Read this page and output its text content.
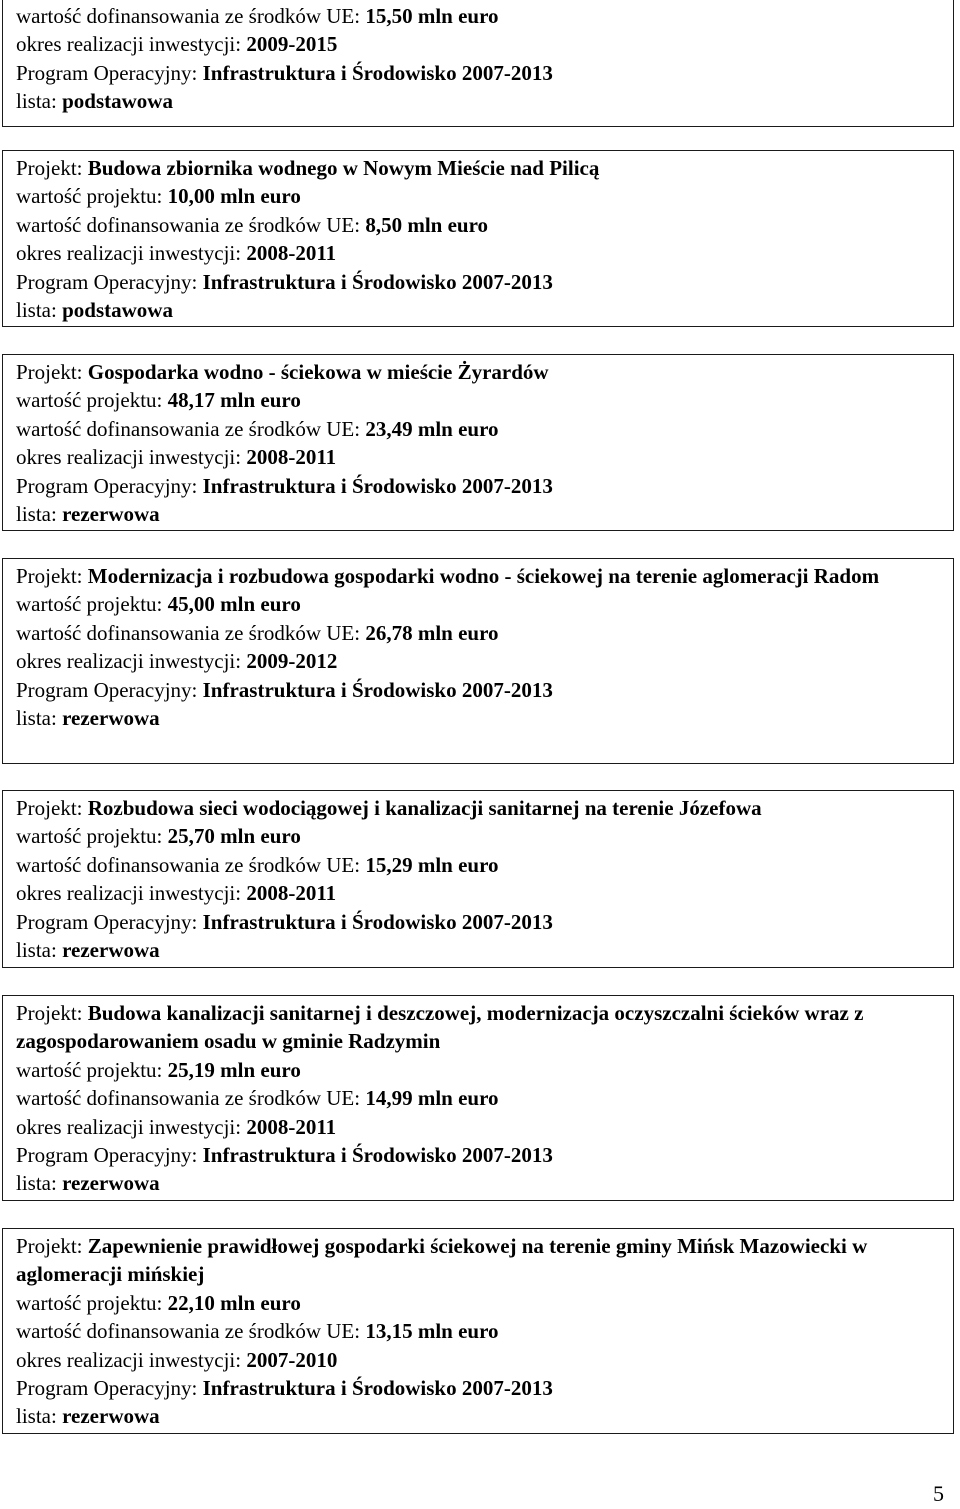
wartość dofinansowania ze środków UE: 15,50 mln euro
okres realizacji inwestycji: 2009-2015
Program Operacyjny: Infrastruktura i Środowisko 2007-2013
lista: podstawowa
Projekt: Budowa zbiornika wodnego w Nowym Mieście nad Pilicą
wartość projektu: 10,00 mln euro
wartość dofinansowania ze środków UE: 8,50 mln euro
okres realizacji inwestycji: 2008-2011
Program Operacyjny: Infrastruktura i Środowisko 2007-2013
lista: podstawowa
Projekt: Gospodarka wodno - ściekowa w mieście Żyrardów
wartość projektu: 48,17 mln euro
wartość dofinansowania ze środków UE: 23,49 mln euro
okres realizacji inwestycji: 2008-2011
Program Operacyjny: Infrastruktura i Środowisko 2007-2013
lista: rezerwowa
Projekt: Modernizacja i rozbudowa gospodarki wodno - ściekowej na terenie aglomeracji Radom
wartość projektu: 45,00 mln euro
wartość dofinansowania ze środków UE: 26,78 mln euro
okres realizacji inwestycji: 2009-2012
Program Operacyjny: Infrastruktura i Środowisko 2007-2013
lista: rezerwowa
Projekt: Rozbudowa sieci wodociągowej i kanalizacji sanitarnej na terenie Józefowa
wartość projektu: 25,70 mln euro
wartość dofinansowania ze środków UE: 15,29 mln euro
okres realizacji inwestycji: 2008-2011
Program Operacyjny: Infrastruktura i Środowisko 2007-2013
lista: rezerwowa
Projekt: Budowa kanalizacji sanitarnej i deszczowej, modernizacja oczyszczalni ścieków wraz z zagospodarowaniem osadu w gminie Radzymin
wartość projektu: 25,19 mln euro
wartość dofinansowania ze środków UE: 14,99 mln euro
okres realizacji inwestycji: 2008-2011
Program Operacyjny: Infrastruktura i Środowisko 2007-2013
lista: rezerwowa
Projekt: Zapewnienie prawidłowej gospodarki ściekowej na terenie gminy Mińsk Mazowiecki w aglomeracji mińskiej
wartość projektu: 22,10 mln euro
wartość dofinansowania ze środków UE: 13,15 mln euro
okres realizacji inwestycji: 2007-2010
Program Operacyjny: Infrastruktura i Środowisko 2007-2013
lista: rezerwowa
5
